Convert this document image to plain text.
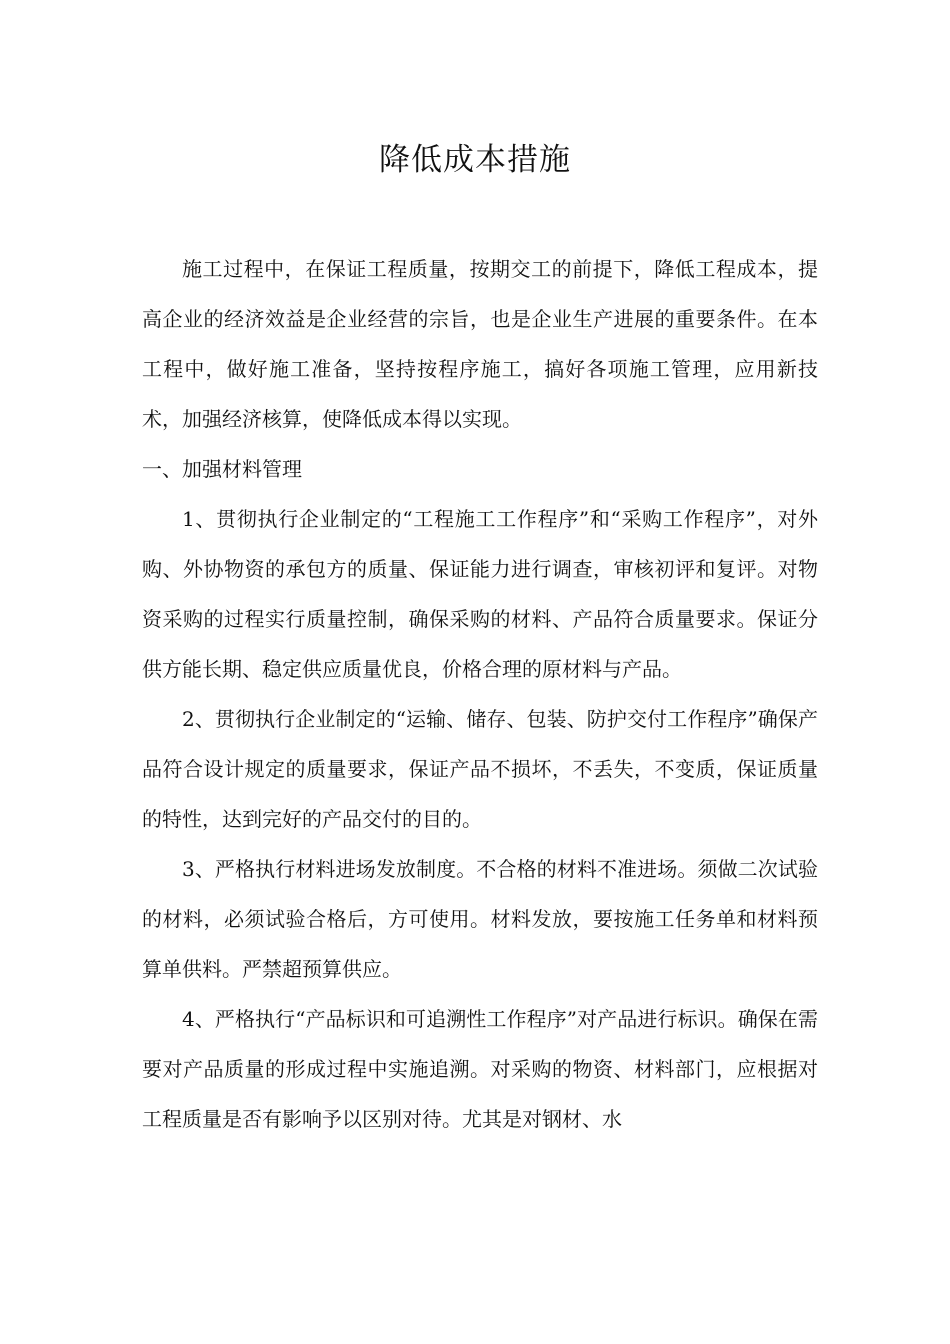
降低成本措施

施工过程中，在保证工程质量，按期交工的前提下，降低工程成本，提高企业的经济效益是企业经营的宗旨，也是企业生产进展的重要条件。在本工程中，做好施工准备，坚持按程序施工，搞好各项施工管理，应用新技术，加强经济核算，使降低成本得以实现。

一、加强材料管理

1、贯彻执行企业制定的“工程施工工作程序”和“采购工作程序”，对外购、外协物资的承包方的质量、保证能力进行调查，审核初评和复评。对物资采购的过程实行质量控制，确保采购的材料、产品符合质量要求。保证分供方能长期、稳定供应质量优良，价格合理的原材料与产品。

2、贯彻执行企业制定的“运输、储存、包装、防护交付工作程序”确保产品符合设计规定的质量要求，保证产品不损坏，不丢失，不变质，保证质量的特性，达到完好的产品交付的目的。

3、严格执行材料进场发放制度。不合格的材料不准进场。须做二次试验的材料，必须试验合格后，方可使用。材料发放，要按施工任务单和材料预算单供料。严禁超预算供应。

4、严格执行“产品标识和可追溯性工作程序”对产品进行标识。确保在需要对产品质量的形成过程中实施追溯。对采购的物资、材料部门，应根据对工程质量是否有影响予以区别对待。尤其是对钢材、水
